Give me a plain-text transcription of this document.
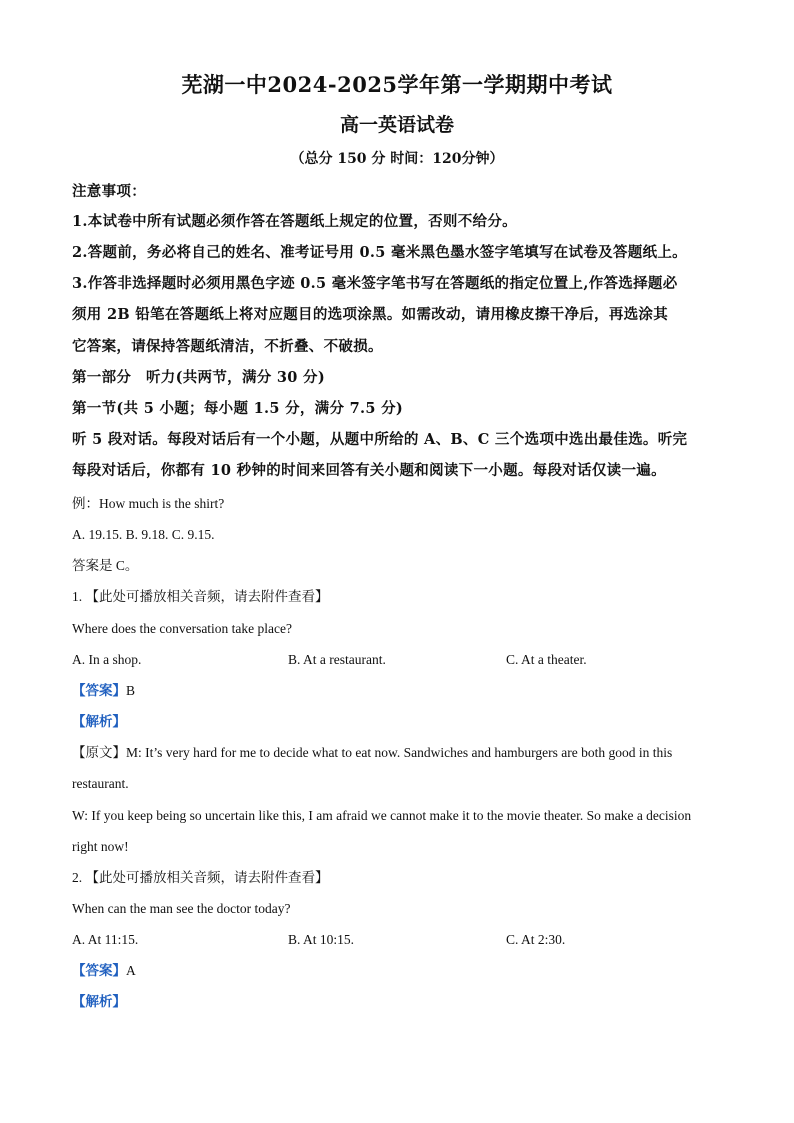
芜湖一中2024-2025学年第一学期期中考试
高一英语试卷
（总分 150 分 时间：120分钟）
注意事项：
1.本试卷中所有试题必须作答在答题纸上规定的位置，否则不给分。
2.答题前，务必将自己的姓名、准考证号用 0.5 毫米黑色墨水签字笔填写在试卷及答题纸上。
3.作答非选择题时必须用黑色字迹 0.5 毫米签字笔书写在答题纸的指定位置上,作答选择题必
须用 2B 铅笔在答题纸上将对应题目的选项涂黑。如需改动，请用橡皮擦干净后，再选涂其
它答案，请保持答题纸清洁，不折叠、不破损。
第一部分　听力(共两节，满分 30 分)
第一节(共 5 小题；每小题 1.5 分，满分 7.5 分)
听 5 段对话。每段对话后有一个小题，从题中所给的 A、B、C 三个选项中选出最佳选。听完
每段对话后，你都有 10 秒钟的时间来回答有关小题和阅读下一小题。每段对话仅读一遍。
例：How much is the shirt?
A. 19.15. B. 9.18. C. 9.15.
答案是 C。
1. 【此处可播放相关音频，请去附件查看】
Where does the conversation take place?
A. In a shop.	B. At a restaurant.	C. At a theater.
【答案】B
【解析】
【原文】M: It’s very hard for me to decide what to eat now. Sandwiches and hamburgers are both good in this
restaurant.
W: If you keep being so uncertain like this, I am afraid we cannot make it to the movie theater. So make a decision
right now!
2. 【此处可播放相关音频，请去附件查看】
When can the man see the doctor today?
A. At 11:15.	B. At 10:15.	C. At 2:30.
【答案】A
【解析】
